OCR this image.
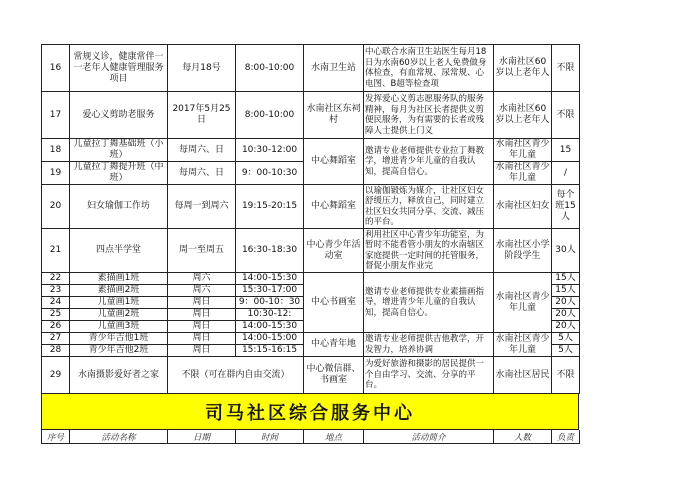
16	常规义诊，健康常伴一一老年人健康管理服务项目	每月18号	8:00-10:00	水南卫生站	中心联合水南卫生站医生每月18日为水南60岁以上老人免费做身体检查，有血常规、尿常规、心电图、B超等检查项	水南社区60岁以上老年人	不限
17	爱心义剪助老服务	2017年5月25日	8:00-10:00	水南社区东祠村	发挥爱心义剪志愿服务队的服务精神，每月为社区长者提供义剪便民服务，为有需要的长者或残障人士提供上门义	水南社区60岁以上老年人	不限
18	儿童拉丁舞基础班（小班）	每周六、日	10:30-12:00	中心舞蹈室	邀请专业老师提供专业拉丁舞教学，增进青少年儿童的自我认知，提高自信心。	水南社区青少年儿童	15
19	儿童拉丁舞提升班（中班）	每周六、日	9：00-10:30			水南社区青少年儿童	/
20	妇女瑜伽工作坊	每周一到周六	19:15-20:15	中心舞蹈室	以瑜伽锻炼为媒介，让社区妇女舒缓压力，释放自己，同时建立社区妇女共同分享、交流、减压的平台。	水南社区妇女	每个班15人
21	四点半学堂	周一至周五	16:30-18:30	中心青少年活动室	利用社区中心青少年功能室，为暂时不能看管小朋友的水南辖区家庭提供一定时间的托管服务，督促小朋友作业完	水南社区小学阶段学生	30人
22	素描画1班	周六	14:00-15:30	中心书画室	邀请专业老师提供专业素描画指导，增进青少年儿童的自我认知，提高自信心。	水南社区青少年儿童	15人
23	素描画2班	周六	15:30-17:00				15人
24	儿童画1班	周日	9：00-10：30				20人
25	儿童画2班	周日	10:30-12:				20人
26	儿童画3班	周日	14:00-15:30				20人
27	青少年吉他1班	周日	14:00-15:00	中心青年地	邀请专业老师提供吉他教学，开发智力，培养协调	水南社区青少年儿童	5人
28	青少年吉他2班	周日	15:15-16:15				5人
29	水南摄影爱好者之家	不限（可在群内自由交流）		中心微信群、书画室	为爱好旅游和摄影的居民提供一个自由学习、交流、分享的平台。	水南社区居民	不限
司马社区综合服务中心
序号	活动名称	日期	时间	地点	活动简介	人数	负责
